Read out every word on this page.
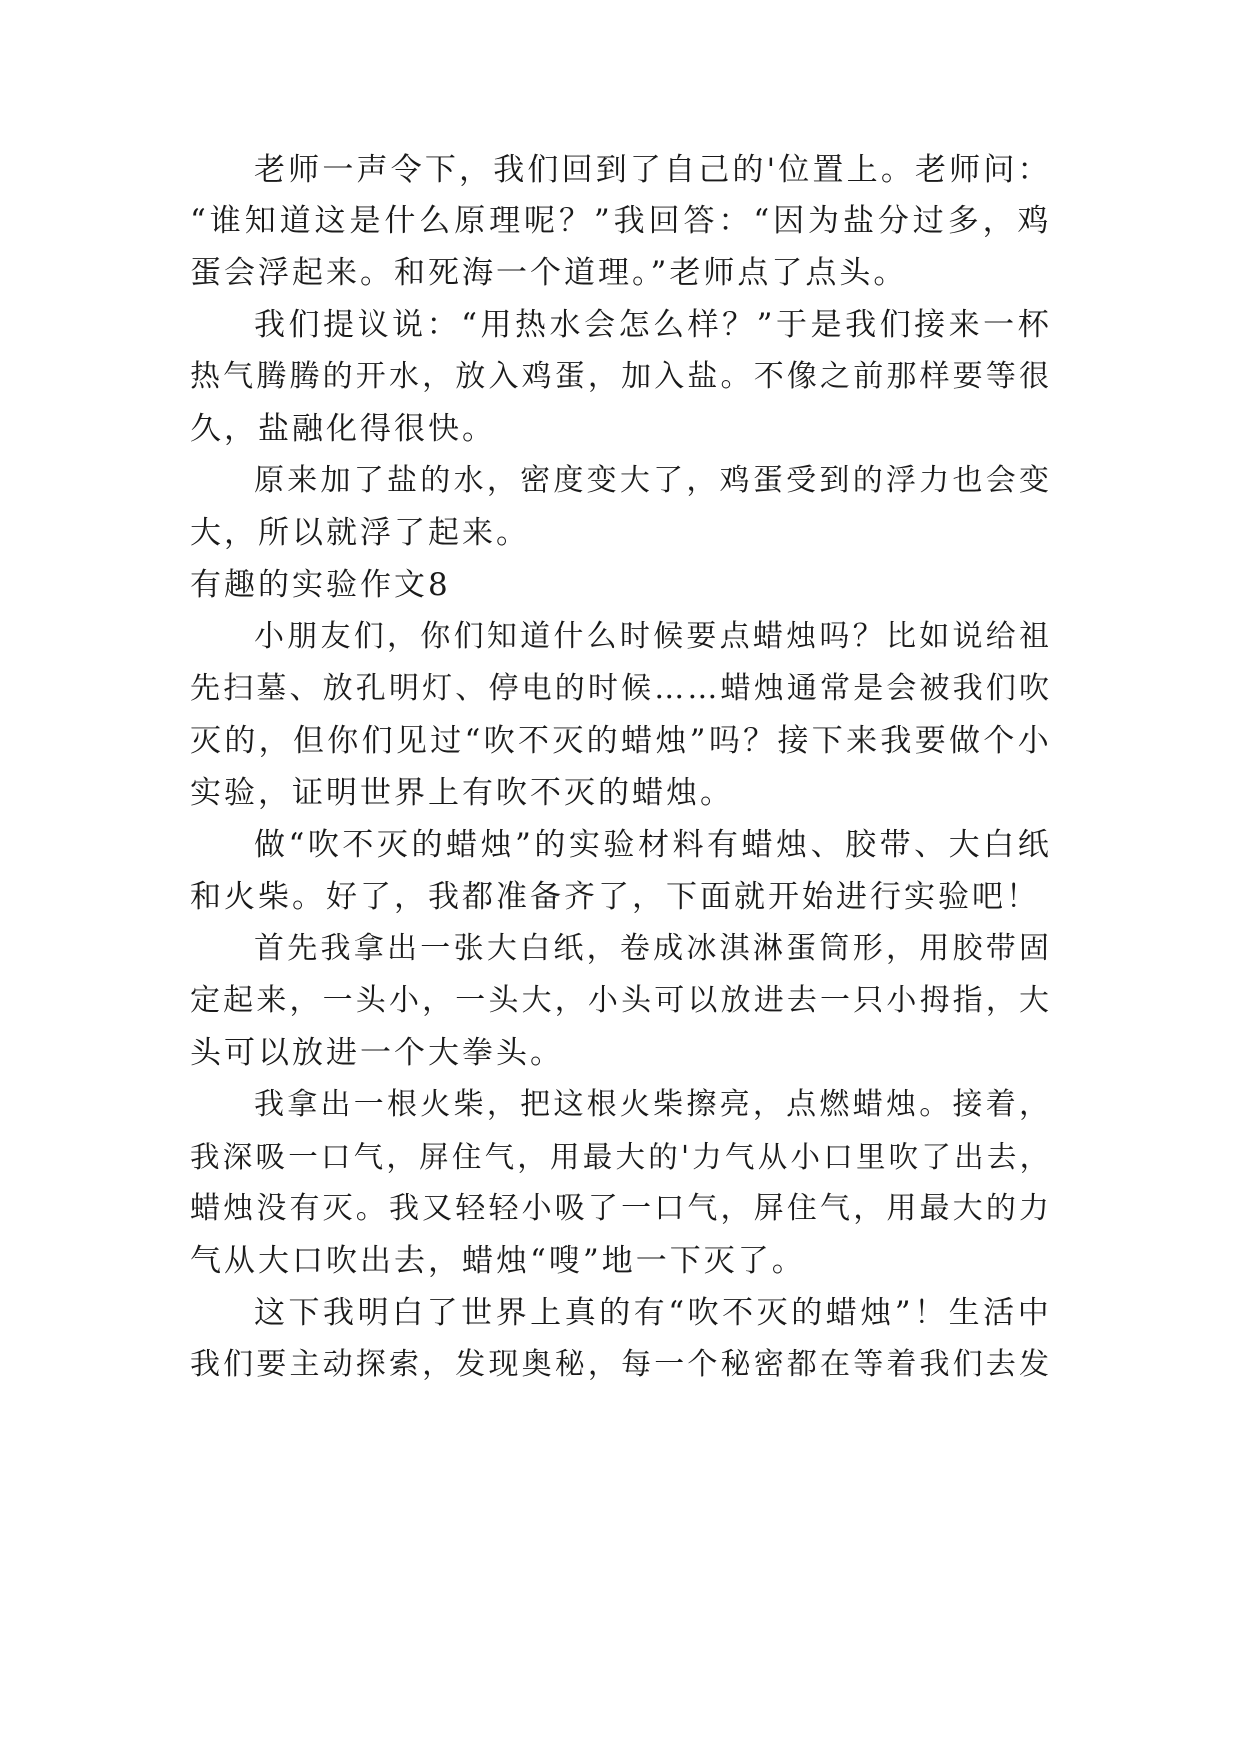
老师一声令下，我们回到了自己的'位置上。老师问：
“谁知道这是什么原理呢？”我回答：“因为盐分过多，鸡
蛋会浮起来。和死海一个道理。”老师点了点头。
我们提议说：“用热水会怎么样？”于是我们接来一杯
热气腾腾的开水，放入鸡蛋，加入盐。不像之前那样要等很
久，盐融化得很快。
原来加了盐的水，密度变大了，鸡蛋受到的浮力也会变
大，所以就浮了起来。
有趣的实验作文8
小朋友们，你们知道什么时候要点蜡烛吗？比如说给祖
先扫墓、放孔明灯、停电的时候……蜡烛通常是会被我们吹
灭的，但你们见过“吹不灭的蜡烛”吗？接下来我要做个小
实验，证明世界上有吹不灭的蜡烛。
做“吹不灭的蜡烛”的实验材料有蜡烛、胶带、大白纸
和火柴。好了，我都准备齐了，下面就开始进行实验吧！
首先我拿出一张大白纸，卷成冰淇淋蛋筒形，用胶带固
定起来，一头小，一头大，小头可以放进去一只小拇指，大
头可以放进一个大拳头。
我拿出一根火柴，把这根火柴擦亮，点燃蜡烛。接着，
我深吸一口气，屏住气，用最大的'力气从小口里吹了出去，
蜡烛没有灭。我又轻轻小吸了一口气，屏住气，用最大的力
气从大口吹出去，蜡烛“嗖”地一下灭了。
这下我明白了世界上真的有“吹不灭的蜡烛”！生活中
我们要主动探索，发现奥秘，每一个秘密都在等着我们去发
